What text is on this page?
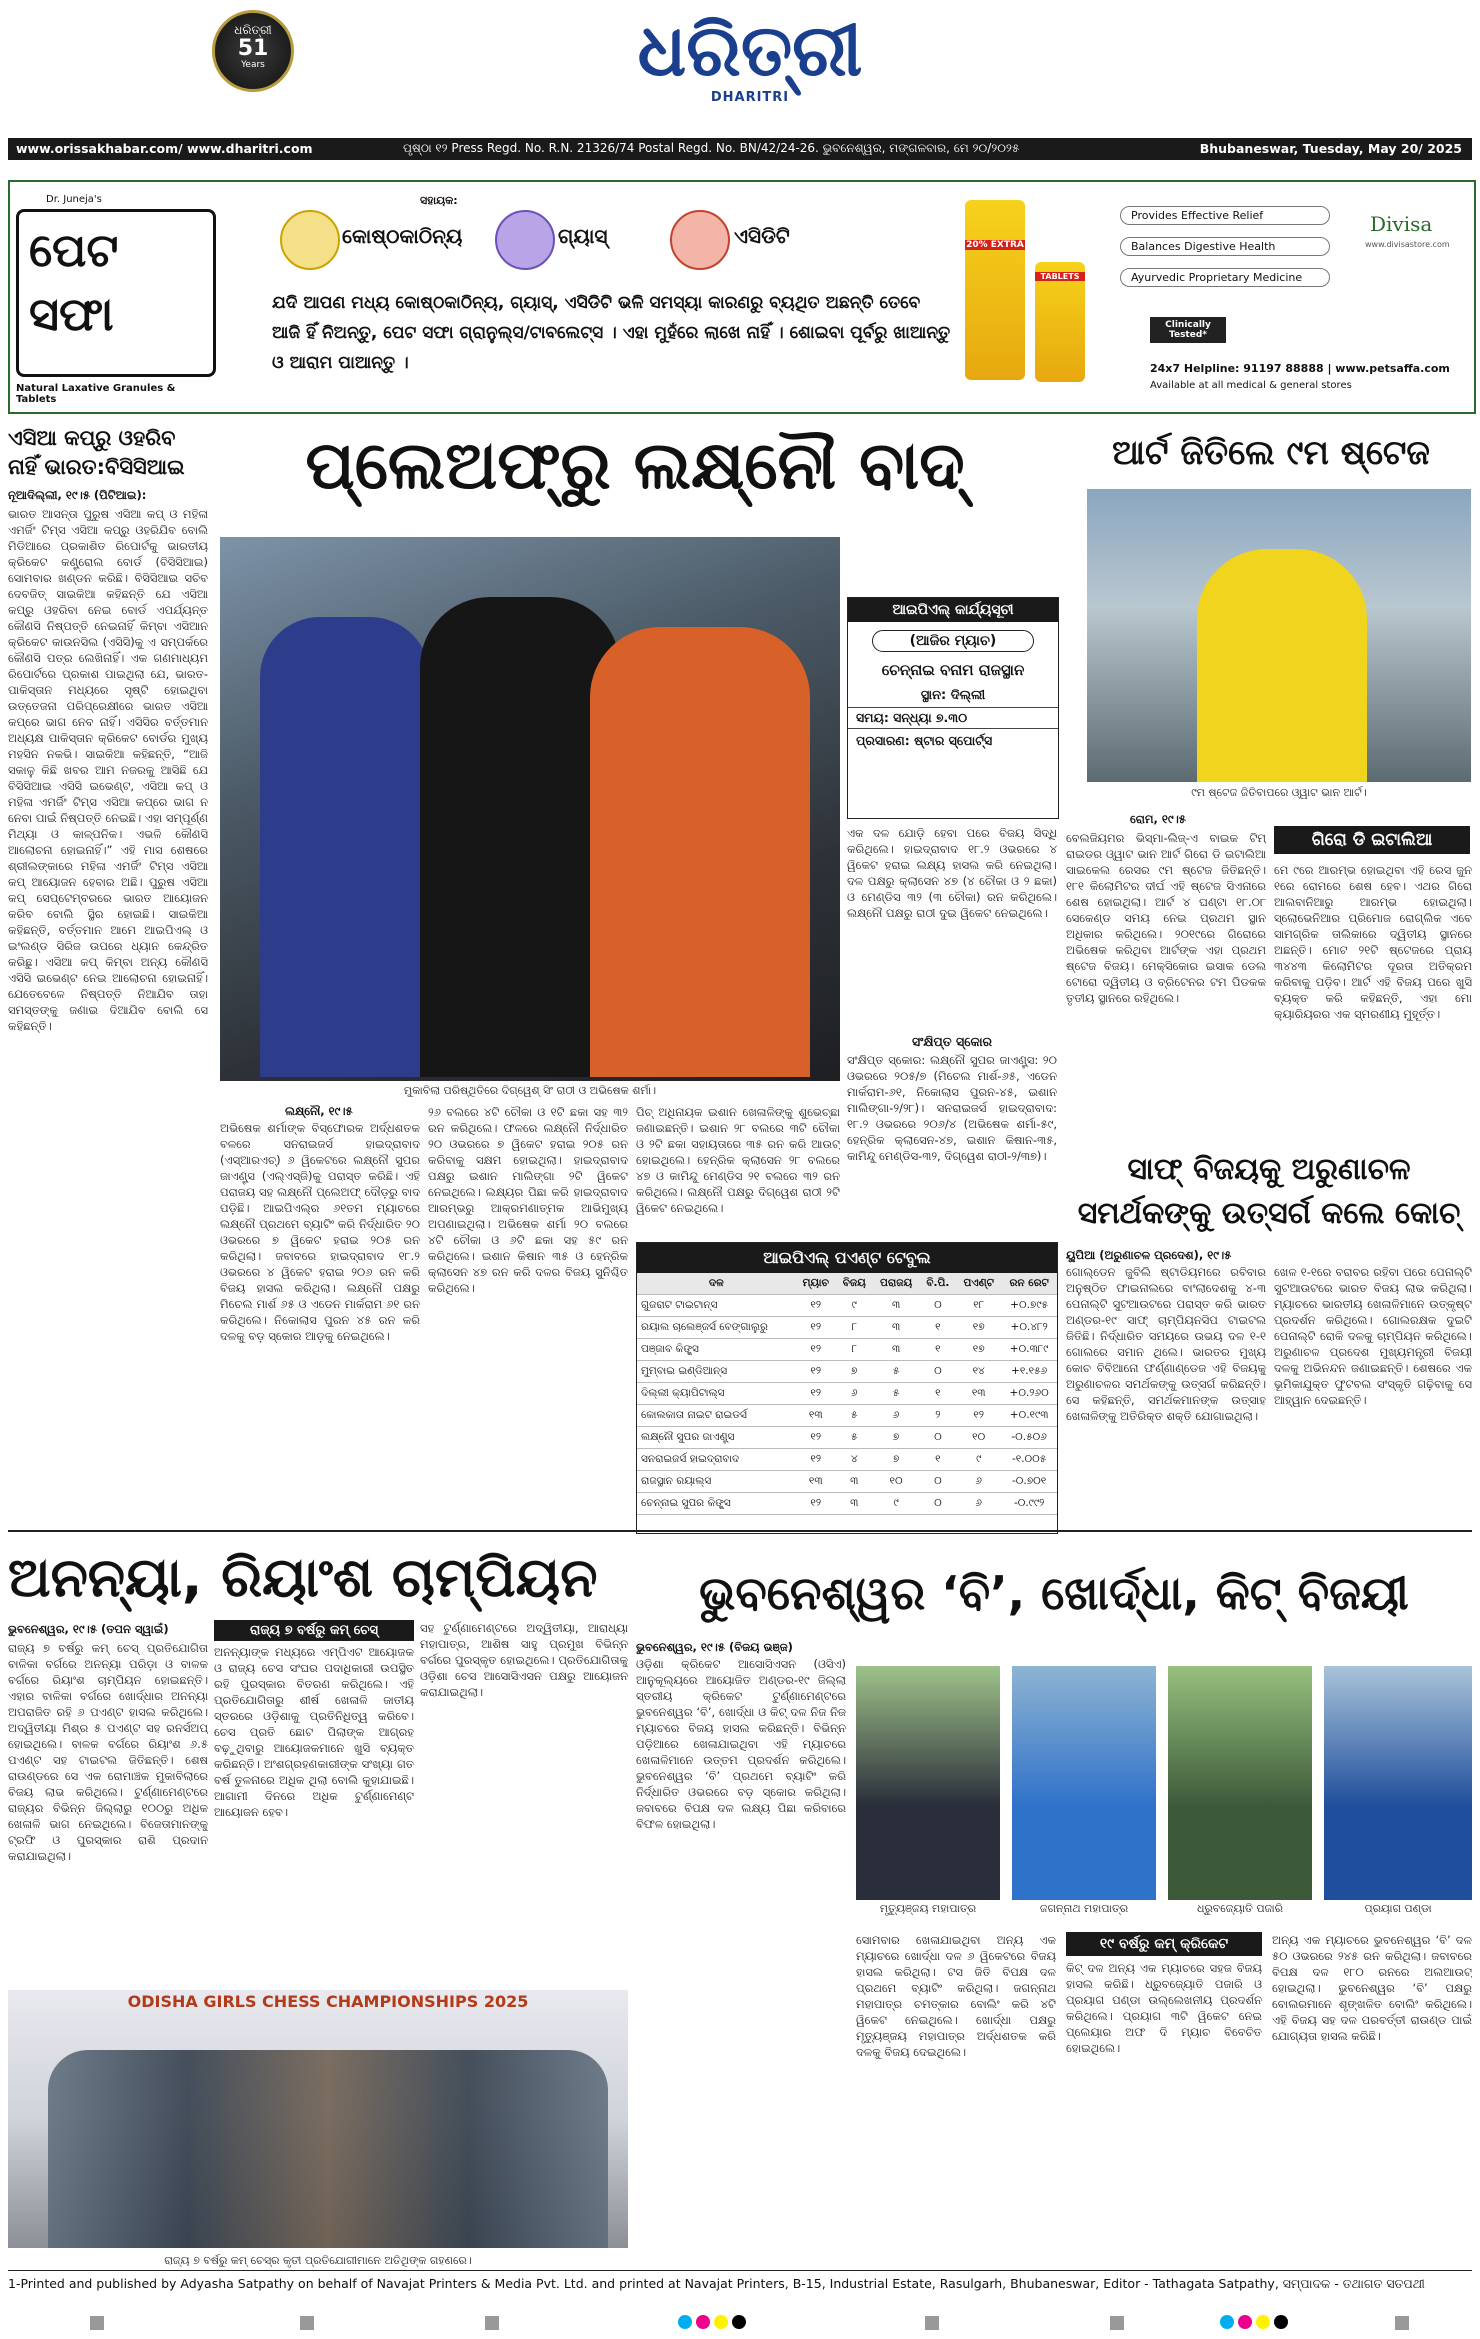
ଧରିତ୍ରୀ
51
Years	ଧରିତ୍ରୀ
DHARITRI
www.orissakhabar.com/ www.dharitri.com	ପୃଷ୍ଠା ୧୨ Press Regd. No. R.N. 21326/74 Postal Regd. No. BN/42/24-26. ଭୁବନେଶ୍ୱର, ମଙ୍ଗଳବାର, ମେ ୨୦/୨୦୨୫	Bhubaneswar, Tuesday, May 20/ 2025
Dr. Juneja's
ପେଟ
ସଫା
Natural Laxative Granules & Tablets
ସହାୟକ:
କୋଷ୍ଠକାଠିନ୍ୟ	ଗ୍ୟାସ୍	ଏସିଡିଟି
ଯଦି ଆପଣ ମଧ୍ୟ କୋଷ୍ଠକାଠିନ୍ୟ, ଗ୍ୟାସ୍, ଏସିଡିଟି ଭଳି ସମସ୍ୟା କାରଣରୁ ବ୍ୟଥିତ ଅଛନ୍ତି ତେବେ ଆଜି ହିଁ ନିଅନ୍ତୁ, ପେଟ ସଫା ଗ୍ରାନୁଲ୍ସ/ଟାବଲେଟ୍ସ । ଏହା ମୁହଁରେ ଲାଖେ ନାହିଁ । ଶୋଇବା ପୂର୍ବରୁ ଖାଆନ୍ତୁ ଓ ଆରାମ ପାଆନ୍ତୁ ।
20% EXTRA
TABLETS
Provides Effective Relief
Balances Digestive Health
Ayurvedic Proprietary Medicine
Divisa
www.divisastore.com
Clinically Tested*
24x7 Helpline: 91197 88888 | www.petsaffa.com
Available at all medical & general stores
ଏସିଆ କପ୍‌ରୁ ଓହରିବ ନାହିଁ ଭାରତ:ବିସିସିଆଇ
ନୂଆଦିଲ୍ଲୀ, ୧୯।୫ (ପିଟିଆଇ):
ଭାରତ ଆସନ୍ତା ପୁରୁଷ ଏସିଆ କପ୍ ଓ ମହିଳା ଏମର୍ଜିଂ ଟିମ୍ସ ଏସିଆ କପ୍‌ରୁ ଓହରିଯିବ ବୋଲି ମିଡିଆରେ ପ୍ରକାଶିତ ରିପୋର୍ଟକୁ ଭାରତୀୟ କ୍ରିକେଟ କଣ୍ଟ୍ରୋଲ ବୋର୍ଡ (ବିସିସିଆଇ) ସୋମବାର ଖଣ୍ଡନ କରିଛି। ବିସିସିଆଇ ସଚିବ ଦେବଜିତ୍ ସାଇକିଆ କହିଛନ୍ତି ଯେ ଏସିଆ କପ୍‌ରୁ ଓହରିବା ନେଇ ବୋର୍ଡ ଏପର୍ଯ୍ୟନ୍ତ କୌଣସି ନିଷ୍ପତ୍ତି ନେଇନାହିଁ କିମ୍ବା ଏସିଆନ କ୍ରିକେଟ କାଉନସିଲ (ଏସିସି)କୁ ଏ ସମ୍ପର୍କରେ କୌଣସି ପତ୍ର ଲେଖିନାହିଁ। ଏକ ଗଣମାଧ୍ୟମ ରିପୋର୍ଟରେ ପ୍ରକାଶ ପାଇଥିଲା ଯେ, ଭାରତ-ପାକିସ୍ତାନ ମଧ୍ୟରେ ସୃଷ୍ଟି ହୋଇଥିବା ଉତ୍ତେଜନା ପରିପ୍ରେକ୍ଷୀରେ ଭାରତ ଏସିଆ କପ୍‌ରେ ଭାଗ ନେବ ନାହିଁ। ଏସିସିର ବର୍ତ୍ତମାନ ଅଧ୍ୟକ୍ଷ ପାକିସ୍ତାନ କ୍ରିକେଟ ବୋର୍ଡର ମୁଖ୍ୟ ମହସିନ ନକଭି। ସାଇକିଆ କହିଛନ୍ତି, “ଆଜି ସକାଳୁ କିଛି ଖବର ଆମ ନଜରକୁ ଆସିଛି ଯେ ବିସିସିଆଇ ଏସିସି ଇଭେଣ୍ଟ, ଏସିଆ କପ୍ ଓ ମହିଳା ଏମର୍ଜିଂ ଟିମ୍ସ ଏସିଆ କପ୍‌ରେ ଭାଗ ନ ନେବା ପାଇଁ ନିଷ୍ପତ୍ତି ନେଇଛି। ଏହା ସମ୍ପୂର୍ଣ୍ଣ ମିଥ୍ୟା ଓ କାଳ୍ପନିକ। ଏଭଳି କୌଣସି ଆଲୋଚନା ହୋଇନାହିଁ।” ଏହି ମାସ ଶେଷରେ ଶ୍ରୀଲଙ୍କାରେ ମହିଳା ଏମର୍ଜିଂ ଟିମ୍ସ ଏସିଆ କପ୍ ଆୟୋଜନ ହେବାର ଅଛି। ପୁରୁଷ ଏସିଆ କପ୍ ସେପ୍ଟେମ୍ବରରେ ଭାରତ ଆୟୋଜନ କରିବ ବୋଲି ସ୍ଥିର ହୋଇଛି। ସାଇକିଆ କହିଛନ୍ତି, ବର୍ତ୍ତମାନ ଆମେ ଆଇପିଏଲ୍ ଓ ଇଂଲଣ୍ଡ ସିରିଜ ଉପରେ ଧ୍ୟାନ କେନ୍ଦ୍ରିତ କରିଛୁ। ଏସିଆ କପ୍ କିମ୍ବା ଅନ୍ୟ କୌଣସି ଏସିସି ଇଭେଣ୍ଟ ନେଇ ଆଲୋଚନା ହୋଇନାହିଁ। ଯେତେବେଳେ ନିଷ୍ପତ୍ତି ନିଆଯିବ ତାହା ସମସ୍ତଙ୍କୁ ଜଣାଇ ଦିଆଯିବ ବୋଲି ସେ କହିଛନ୍ତି।
ପ୍ଲେଅଫ୍‌ରୁ ଲକ୍ଷ୍ନୌ ବାଦ୍‌
ମୁକାବିଲା ପରିଷ୍ଥିତିରେ ଦିଗ୍ୱେଶ୍ ସିଂ ରାଠୀ ଓ ଅଭିଷେକ ଶର୍ମା।
ଆଇପିଏଲ୍ କାର୍ଯ୍ୟସୂଚୀ
(ଆଜିର ମ୍ୟାଚ)
ଚେନ୍ନାଇ ବନାମ ରାଜସ୍ଥାନ
ସ୍ଥାନ: ଦିଲ୍ଲୀ
ସମୟ: ସନ୍ଧ୍ୟା ୭.୩୦
ପ୍ରସାରଣ: ଷ୍ଟାର ସ୍ପୋର୍ଟ୍ସ
ଏକ ଦଳ ଯୋଡ଼ି ହେବା ପରେ ବିଜୟ ସିଦ୍ଧି କରିଥିଲେ। ହାଇଦ୍ରାବାଦ ୧୮.୨ ଓଭରରେ ୪ ୱିକେଟ ହରାଇ ଲକ୍ଷ୍ୟ ହାସଲ କରି ନେଇଥିଲା। ଦଳ ପକ୍ଷରୁ କ୍ଲାସେନ ୪୭ (୪ ଚୌକା ଓ ୨ ଛକା) ଓ ମେଣ୍ଡିସ ୩୨ (୩ ଚୌକା) ରନ କରିଥିଲେ। ଲକ୍ଷ୍ନୌ ପକ୍ଷରୁ ରାଠୀ ଦୁଇ ୱିକେଟ ନେଇଥିଲେ।
ସଂକ୍ଷିପ୍ତ ସ୍କୋର
ସଂକ୍ଷିପ୍ତ ସ୍କୋର: ଲକ୍ଷ୍ନୌ ସୁପର ଜାଏଣ୍ଟ୍ସ: ୨୦ ଓଭରରେ ୨୦୫/୭ (ମିଚେଲ ମାର୍ଶ-୬୫, ଏଡେନ ମାର୍କରାମ-୬୧, ନିକୋଲାସ ପୁରନ-୪୫, ଇଶାନ ମାଲିଙ୍ଗା-୨/୨୮)। ସନରାଇଜର୍ସ ହାଇଦ୍ରାବାଦ: ୧୮.୨ ଓଭରରେ ୨୦୬/୪ (ଅଭିଷେକ ଶର୍ମା-୫୯, ହେନ୍‌ରିକ କ୍ଲାସେନ-୪୭, ଇଶାନ କିଷାନ-୩୫, କାମିନ୍ଦୁ ମେଣ୍ଡିସ-୩୨, ଦିଗ୍ୱେଶ ରାଠୀ-୨/୩୭)।
ଲକ୍ଷ୍ନୌ, ୧୯।୫
ଅଭିଷେକ ଶର୍ମାଙ୍କ ବିସ୍ଫୋରକ ଅର୍ଦ୍ଧଶତକ ବଳରେ ସନରାଇଜର୍ସ ହାଇଦ୍ରାବାଦ (ଏସ୍‌ଆରଏଚ୍) ୬ ୱିକେଟରେ ଲକ୍ଷ୍ନୌ ସୁପର ଜାଏଣ୍ଟ୍ସ (ଏଲ୍‌ଏସ୍‌ଜି)କୁ ପରାସ୍ତ କରିଛି। ଏହି ପରାଜୟ ସହ ଲକ୍ଷ୍ନୌ ପ୍ଲେଅଫ୍ ଦୌଡ଼ରୁ ବାଦ ପଡ଼ିଛି। ଆଇପିଏଲ୍‌ର ୬୧ତମ ମ୍ୟାଚରେ ଲକ୍ଷ୍ନୌ ପ୍ରଥମେ ବ୍ୟାଟିଂ କରି ନିର୍ଦ୍ଧାରିତ ୨୦ ଓଭରରେ ୭ ୱିକେଟ ହରାଇ ୨୦୫ ରନ କରିଥିଲା। ଜବାବରେ ହାଇଦ୍ରାବାଦ ୧୮.୨ ଓଭରରେ ୪ ୱିକେଟ ହରାଇ ୨୦୬ ରନ କରି ବିଜୟ ହାସଲ କରିଥିଲା। ଲକ୍ଷ୍ନୌ ପକ୍ଷରୁ ମିଚେଲ ମାର୍ଶ ୬୫ ଓ ଏଡେନ ମାର୍କରାମ ୬୧ ରନ କରିଥିଲେ। ନିକୋଲାସ ପୁରନ ୪୫ ରନ କରି ଦଳକୁ ବଡ଼ ସ୍କୋର ଆଡ଼କୁ ନେଇଥିଲେ।
୨୬ ବଲରେ ୪ଟି ଚୌକା ଓ ୧ଟି ଛକା ସହ ୩୨ ରନ କରିଥିଲେ। ଫଳରେ ଲକ୍ଷ୍ନୌ ନିର୍ଦ୍ଧାରିତ ୨୦ ଓଭରରେ ୭ ୱିକେଟ ହରାଇ ୨୦୫ ରନ କରିବାକୁ ସକ୍ଷମ ହୋଇଥିଲା। ହାଇଦ୍ରାବାଦ ପକ୍ଷରୁ ଇଶାନ ମାଲିଙ୍ଗା ୨ଟି ୱିକେଟ ନେଇଥିଲେ। ଲକ୍ଷ୍ୟର ପିଛା କରି ହାଇଦ୍ରାବାଦ ଆରମ୍ଭରୁ ଆକ୍ରମଣାତ୍ମକ ଆଭିମୁଖ୍ୟ ଅପଣାଇଥିଲା। ଅଭିଷେକ ଶର୍ମା ୨୦ ବଲରେ ୪ଟି ଚୌକା ଓ ୬ଟି ଛକା ସହ ୫୯ ରନ କରିଥିଲେ। ଇଶାନ କିଷାନ ୩୫ ଓ ହେନ୍‌ରିକ କ୍ଲାସେନ ୪୭ ରନ କରି ଦଳର ବିଜୟ ସୁନିଶ୍ଚିତ କରିଥିଲେ।
ପିଚ୍ ଅଧିନାୟକ ଇଶାନ ଖେଳାଳିଙ୍କୁ ଶୁଭେଚ୍ଛା ଜଣାଇଛନ୍ତି। ଇଶାନ ୨୮ ବଲରେ ୩ଟି ଚୌକା ଓ ୨ଟି ଛକା ସହାୟତାରେ ୩୫ ରନ କରି ଆଉଟ୍ ହୋଇଥିଲେ। ହେନ୍‌ରିକ କ୍ଲାସେନ ୨୮ ବଲରେ ୪୭ ଓ କାମିନ୍ଦୁ ମେଣ୍ଡିସ ୨୧ ବଲରେ ୩୨ ରନ କରିଥିଲେ। ଲକ୍ଷ୍ନୌ ପକ୍ଷରୁ ଦିଗ୍ୱେଶ ରାଠୀ ୨ଟି ୱିକେଟ ନେଇଥିଲେ।
ଆଇପିଏଲ୍ ପଏଣ୍ଟ ଟେବୁଲ
ଦଳ	ମ୍ୟାଚ	ବିଜୟ	ପରାଜୟ	ବି.ପି.	ପଏଣ୍ଟ	ରନ ରେଟ
ଗୁଜରାଟ ଟାଇଟାନ୍ସ	୧୨	୯	୩	୦	୧୮	+୦.୭୯୫
ରୟାଲ ଚାଲେଞ୍ଜର୍ସ ବେଙ୍ଗାଲୁରୁ	୧୨	୮	୩	୧	୧୭	+୦.୪୮୨
ପଞ୍ଜାବ କିଙ୍ଗ୍ସ	୧୨	୮	୩	୧	୧୭	+୦.୩୮୯
ମୁମ୍ବାଇ ଇଣ୍ଡିଆନ୍ସ	୧୨	୭	୫	୦	୧୪	+୧.୧୫୬
ଦିଲ୍ଲୀ କ୍ୟାପିଟାଲ୍ସ	୧୨	୬	୫	୧	୧୩	+୦.୨୬୦
କୋଲକାତା ନାଇଟ ରାଇଡର୍ସ	୧୩	୫	୬	୨	୧୨	+୦.୧୯୩
ଲକ୍ଷ୍ନୌ ସୁପର ଜାଏଣ୍ଟ୍ସ	୧୨	୫	୭	୦	୧୦	-୦.୫୦୬
ସନରାଇଜର୍ସ ହାଇଦ୍ରାବାଦ	୧୨	୪	୭	୧	୯	-୧.୦୦୫
ରାଜସ୍ଥାନ ରୟାଲ୍ସ	୧୩	୩	୧୦	୦	୬	-୦.୭୦୧
ଚେନ୍ନାଇ ସୁପର କିଙ୍ଗ୍ସ	୧୨	୩	୯	୦	୬	-୦.୯୯୨
ଆର୍ଟ ଜିତିଲେ ୯ମ ଷ୍ଟେଜ
୯ମ ଷ୍ଟେଜ ଜିତିବାପରେ ଓ୍ୱାଟ ଭାନ ଆର୍ଟ।
ରୋମ, ୧୯।୫
ଗିରୋ ଡି ଇଟାଲିଆ
ବେଲଜିୟମର ଭିସ୍ମା-ଲିଜ୍-ଏ ବାଇକ ଟିମ୍ ରାଇଡର ଓ୍ୱାଟ ଭାନ ଆର୍ଟ ଗିରୋ ଡି ଇଟାଲିଆ ସାଇକେଲ ରେସର ୯ମ ଷ୍ଟେଜ ଜିତିଛନ୍ତି। ୧୮୧ କିଲୋମିଟର ଦୀର୍ଘ ଏହି ଷ୍ଟେଜ ସିଏନାରେ ଶେଷ ହୋଇଥିଲା। ଆର୍ଟ ୪ ଘଣ୍ଟା ୧୮.୦୮ ସେକେଣ୍ଡ ସମୟ ନେଇ ପ୍ରଥମ ସ୍ଥାନ ଅଧିକାର କରିଥିଲେ। ୨୦୧୯ରେ ଗିରୋରେ ଅଭିଷେକ କରିଥିବା ଆର୍ଟଙ୍କ ଏହା ପ୍ରଥମ ଷ୍ଟେଜ ବିଜୟ। ମେକ୍ସିକୋର ଇସାକ ଡେଲ ଟୋରୋ ଦ୍ୱିତୀୟ ଓ ବ୍ରିଟେନର ଟମ ପିଡକକ ତୃତୀୟ ସ୍ଥାନରେ ରହିଥିଲେ।
ମେ ୯ରେ ଆରମ୍ଭ ହୋଇଥିବା ଏହି ରେସ ଜୁନ ୧ରେ ରୋମରେ ଶେଷ ହେବ। ଏଥର ଗିରୋ ଆଲବାନିଆରୁ ଆରମ୍ଭ ହୋଇଥିଲା। ସ୍ଲୋଭେନିଆର ପ୍ରିମୋଜ ରୋଗ୍ଲିକ ଏବେ ସାମଗ୍ରିକ ତାଲିକାରେ ଦ୍ୱିତୀୟ ସ୍ଥାନରେ ଅଛନ୍ତି। ମୋଟ ୨୧ଟି ଷ୍ଟେଜରେ ପ୍ରାୟ ୩୪୪୩ କିଲୋମିଟର ଦୂରତା ଅତିକ୍ରମ କରିବାକୁ ପଡ଼ିବ। ଆର୍ଟ ଏହି ବିଜୟ ପରେ ଖୁସି ବ୍ୟକ୍ତ କରି କହିଛନ୍ତି, ଏହା ମୋ କ୍ୟାରିୟରର ଏକ ସ୍ମରଣୀୟ ମୁହୂର୍ତ୍ତ।
ସାଫ୍ ବିଜୟକୁ ଅରୁଣାଚଳ ସମର୍ଥକଙ୍କୁ ଉତ୍ସର୍ଗ କଲେ କୋଚ୍
ୟୁପିଆ (ଅରୁଣାଚଳ ପ୍ରଦେଶ), ୧୯।୫
ଗୋଲ୍ଡେନ ଜୁବିଲି ଷ୍ଟାଡିୟମରେ ରବିବାର ଅନୁଷ୍ଠିତ ଫାଇନାଲରେ ବାଂଲାଦେଶକୁ ୪-୩ ପେନାଲ୍ଟି ସୁଟଆଉଟରେ ପରାସ୍ତ କରି ଭାରତ ଅଣ୍ଡର-୧୯ ସାଫ୍ ଚାମ୍ପିୟନସିପ ଟାଇଟଲ ଜିତିଛି। ନିର୍ଦ୍ଧାରିତ ସମୟରେ ଉଭୟ ଦଳ ୧-୧ ଗୋଲରେ ସମାନ ଥିଲେ। ଭାରତର ମୁଖ୍ୟ କୋଚ ବିବିଆନୋ ଫର୍ଣ୍ଣାଣ୍ଡେଜ ଏହି ବିଜୟକୁ ଅରୁଣାଚଳର ସମର୍ଥକଙ୍କୁ ଉତ୍ସର୍ଗ କରିଛନ୍ତି। ସେ କହିଛନ୍ତି, ସମର୍ଥକମାନଙ୍କ ଉତ୍ସାହ ଖେଳାଳିଙ୍କୁ ଅତିରିକ୍ତ ଶକ୍ତି ଯୋଗାଇଥିଲା।
ଖେଳ ୧-୧ରେ ବରାବର ରହିବା ପରେ ପେନାଲ୍ଟି ସୁଟଆଉଟରେ ଭାରତ ବିଜୟ ଲାଭ କରିଥିଲା। ମ୍ୟାଚରେ ଭାରତୀୟ ଖେଳାଳିମାନେ ଉତ୍କୃଷ୍ଟ ପ୍ରଦର୍ଶନ କରିଥିଲେ। ଗୋଲରକ୍ଷକ ଦୁଇଟି ପେନାଲ୍ଟି ରୋକି ଦଳକୁ ଚାମ୍ପିୟନ କରିଥିଲେ। ଅରୁଣାଚଳ ପ୍ରଦେଶ ମୁଖ୍ୟମନ୍ତ୍ରୀ ବିଜୟୀ ଦଳକୁ ଅଭିନନ୍ଦନ ଜଣାଇଛନ୍ତି। ଶେଷରେ ଏକ ଭୂମିକାଯୁକ୍ତ ଫୁଟବଲ ସଂସ୍କୃତି ଗଢ଼ିବାକୁ ସେ ଆହ୍ୱାନ ଦେଇଛନ୍ତି।
ଅନନ୍ୟା, ରିୟାଂଶ ଚାମ୍ପିୟନ
ଭୁବନେଶ୍ୱର, ୧୯।୫ (ତପନ ସ୍ୱାଇଁ)	ରାଜ୍ୟ ୭ ବର୍ଷରୁ କମ୍ ଚେସ୍
ରାଜ୍ୟ ୭ ବର୍ଷରୁ କମ୍ ଚେସ୍ ପ୍ରତିଯୋଗିତା ବାଳିକା ବର୍ଗରେ ଅନନ୍ୟା ପରିଡ଼ା ଓ ବାଳକ ବର୍ଗରେ ରିୟାଂଶ ଚାମ୍ପିୟନ ହୋଇଛନ୍ତି। ଏହାର ବାଳିକା ବର୍ଗରେ ଖୋର୍ଦ୍ଧାର ଅନନ୍ୟା ଅପରାଜିତ ରହି ୬ ପଏଣ୍ଟ ହାସଲ କରିଥିଲେ। ଅଦ୍ୱିତୀୟା ମିଶ୍ର ୫ ପଏଣ୍ଟ ସହ ରନର୍ସଅପ୍ ହୋଇଥିଲେ। ବାଳକ ବର୍ଗରେ ରିୟାଂଶ ୬.୫ ପଏଣ୍ଟ ସହ ଟାଇଟଲ ଜିତିଛନ୍ତି। ଶେଷ ରାଉଣ୍ଡରେ ସେ ଏକ ରୋମାଞ୍ଚକ ମୁକାବିଲାରେ ବିଜୟ ଲାଭ କରିଥିଲେ। ଟୁର୍ଣ୍ଣାମେଣ୍ଟରେ ରାଜ୍ୟର ବିଭିନ୍ନ ଜିଲ୍ଲାରୁ ୧୦୦ରୁ ଅଧିକ ଖେଳାଳି ଭାଗ ନେଇଥିଲେ। ବିଜେତାମାନଙ୍କୁ ଟ୍ରଫି ଓ ପୁରସ୍କାର ରାଶି ପ୍ରଦାନ କରାଯାଇଥିଲା।
ଅନନ୍ୟାଙ୍କ ମଧ୍ୟରେ ଏମ୍‌ପିଏଟ ଆୟୋଜକ ଓ ରାଜ୍ୟ ଚେସ ସଂଘର ପଦାଧିକାରୀ ଉପସ୍ଥିତ ରହି ପୁରସ୍କାର ବିତରଣ କରିଥିଲେ। ଏହି ପ୍ରତିଯୋଗିତାରୁ ଶୀର୍ଷ ଖେଳାଳି ଜାତୀୟ ସ୍ତରରେ ଓଡ଼ିଶାକୁ ପ୍ରତିନିଧିତ୍ୱ କରିବେ। ଚେସ ପ୍ରତି ଛୋଟ ପିଲାଙ୍କ ଆଗ୍ରହ ବଢ଼ୁଥିବାରୁ ଆୟୋଜକମାନେ ଖୁସି ବ୍ୟକ୍ତ କରିଛନ୍ତି। ଅଂଶଗ୍ରହଣକାରୀଙ୍କ ସଂଖ୍ୟା ଗତ ବର୍ଷ ତୁଳନାରେ ଅଧିକ ଥିଲା ବୋଲି କୁହାଯାଇଛି। ଆଗାମୀ ଦିନରେ ଅଧିକ ଟୁର୍ଣ୍ଣାମେଣ୍ଟ ଆୟୋଜନ ହେବ।
ସହ ଟୁର୍ଣ୍ଣାମେଣ୍ଟରେ ଅଦ୍ୱିତୀୟା, ଆରାଧ୍ୟା ମହାପାତ୍ର, ଆଶିଷ ସାହୁ ପ୍ରମୁଖ ବିଭିନ୍ନ ବର୍ଗରେ ପୁରସ୍କୃତ ହୋଇଥିଲେ। ପ୍ରତିଯୋଗିତାକୁ ଓଡ଼ିଶା ଚେସ ଆସୋସିଏସନ ପକ୍ଷରୁ ଆୟୋଜନ କରାଯାଇଥିଲା।
ODISHA GIRLS CHESS CHAMPIONSHIPS 2025
ରାଜ୍ୟ ୭ ବର୍ଷରୁ କମ୍ ଚେସ୍‌ର କୃତୀ ପ୍ରତିଯୋଗୀମାନେ ଅତିଥିଙ୍କ ଗହଣରେ।
ଭୁବନେଶ୍ୱର ‘ବି’, ଖୋର୍ଦ୍ଧା, କିଟ୍ ବିଜୟୀ
ଭୁବନେଶ୍ୱର, ୧୯।୫ (ବିଜୟ ଭଞ୍ଜ)
ଓଡ଼ିଶା କ୍ରିକେଟ ଆସୋସିଏସନ (ଓସିଏ) ଆନୁକୂଲ୍ୟରେ ଆୟୋଜିତ ଅଣ୍ଡର-୧୯ ଜିଲ୍ଲା ସ୍ତରୀୟ କ୍ରିକେଟ ଟୁର୍ଣ୍ଣାମେଣ୍ଟରେ ଭୁବନେଶ୍ୱର ‘ବି’, ଖୋର୍ଦ୍ଧା ଓ କିଟ୍ ଦଳ ନିଜ ନିଜ ମ୍ୟାଚରେ ବିଜୟ ହାସଲ କରିଛନ୍ତି। ବିଭିନ୍ନ ପଡ଼ିଆରେ ଖେଳାଯାଇଥିବା ଏହି ମ୍ୟାଚରେ ଖେଳାଳିମାନେ ଉତ୍ତମ ପ୍ରଦର୍ଶନ କରିଥିଲେ। ଭୁବନେଶ୍ୱର ‘ବି’ ପ୍ରଥମେ ବ୍ୟାଟିଂ କରି ନିର୍ଦ୍ଧାରିତ ଓଭରରେ ବଡ଼ ସ୍କୋର କରିଥିଲା। ଜବାବରେ ବିପକ୍ଷ ଦଳ ଲକ୍ଷ୍ୟ ପିଛା କରିବାରେ ବିଫଳ ହୋଇଥିଲା।
ମୃତ୍ୟୁଞ୍ଜୟ ମହାପାତ୍ର	ଜଗନ୍ନାଥ ମହାପାତ୍ର	ଧ୍ରୁବଜ୍ୟୋତି ପଜାରି	ପ୍ରୟାଗ ପଣ୍ଡା
ସୋମବାର ଖେଳାଯାଇଥିବା ଅନ୍ୟ ଏକ ମ୍ୟାଚରେ ଖୋର୍ଦ୍ଧା ଦଳ ୬ ୱିକେଟରେ ବିଜୟ ହାସଲ କରିଥିଲା। ଟସ ଜିତି ବିପକ୍ଷ ଦଳ ପ୍ରଥମେ ବ୍ୟାଟିଂ କରିଥିଲା। ଜଗନ୍ନାଥ ମହାପାତ୍ର ଚମତ୍କାର ବୋଲିଂ କରି ୪ଟି ୱିକେଟ ନେଇଥିଲେ। ଖୋର୍ଦ୍ଧା ପକ୍ଷରୁ ମୃତ୍ୟୁଞ୍ଜୟ ମହାପାତ୍ର ଅର୍ଦ୍ଧଶତକ କରି ଦଳକୁ ବିଜୟ ଦେଇଥିଲେ।
୧୯ ବର୍ଷରୁ କମ୍ କ୍ରିକେଟ
କିଟ୍ ଦଳ ଅନ୍ୟ ଏକ ମ୍ୟାଚରେ ସହଜ ବିଜୟ ହାସଲ କରିଛି। ଧ୍ରୁବଜ୍ୟୋତି ପଜାରି ଓ ପ୍ରୟାଗ ପଣ୍ଡା ଉଲ୍ଲେଖନୀୟ ପ୍ରଦର୍ଶନ କରିଥିଲେ। ପ୍ରୟାଗ ୩ଟି ୱିକେଟ ନେଇ ପ୍ଲେୟାର ଅଫ ଦି ମ୍ୟାଚ ବିବେଚିତ ହୋଇଥିଲେ।
ଅନ୍ୟ ଏକ ମ୍ୟାଚରେ ଭୁବନେଶ୍ୱର ‘ବି’ ଦଳ ୫୦ ଓଭରରେ ୨୪୫ ରନ କରିଥିଲା। ଜବାବରେ ବିପକ୍ଷ ଦଳ ୧୮୦ ରନରେ ଅଲଆଉଟ୍ ହୋଇଥିଲା। ଭୁବନେଶ୍ୱର ‘ବି’ ପକ୍ଷରୁ ବୋଲରମାନେ ଶୃଙ୍ଖଳିତ ବୋଲିଂ କରିଥିଲେ। ଏହି ବିଜୟ ସହ ଦଳ ପରବର୍ତ୍ତୀ ରାଉଣ୍ଡ ପାଇଁ ଯୋଗ୍ୟତା ହାସଲ କରିଛି।
1-Printed and published by Adyasha Satpathy on behalf of Navajat Printers & Media Pvt. Ltd. and printed at Navajat Printers, B-15, Industrial Estate, Rasulgarh, Bhubaneswar, Editor - Tathagata Satpathy, ସମ୍ପାଦକ - ତଥାଗତ ସତପଥୀ
